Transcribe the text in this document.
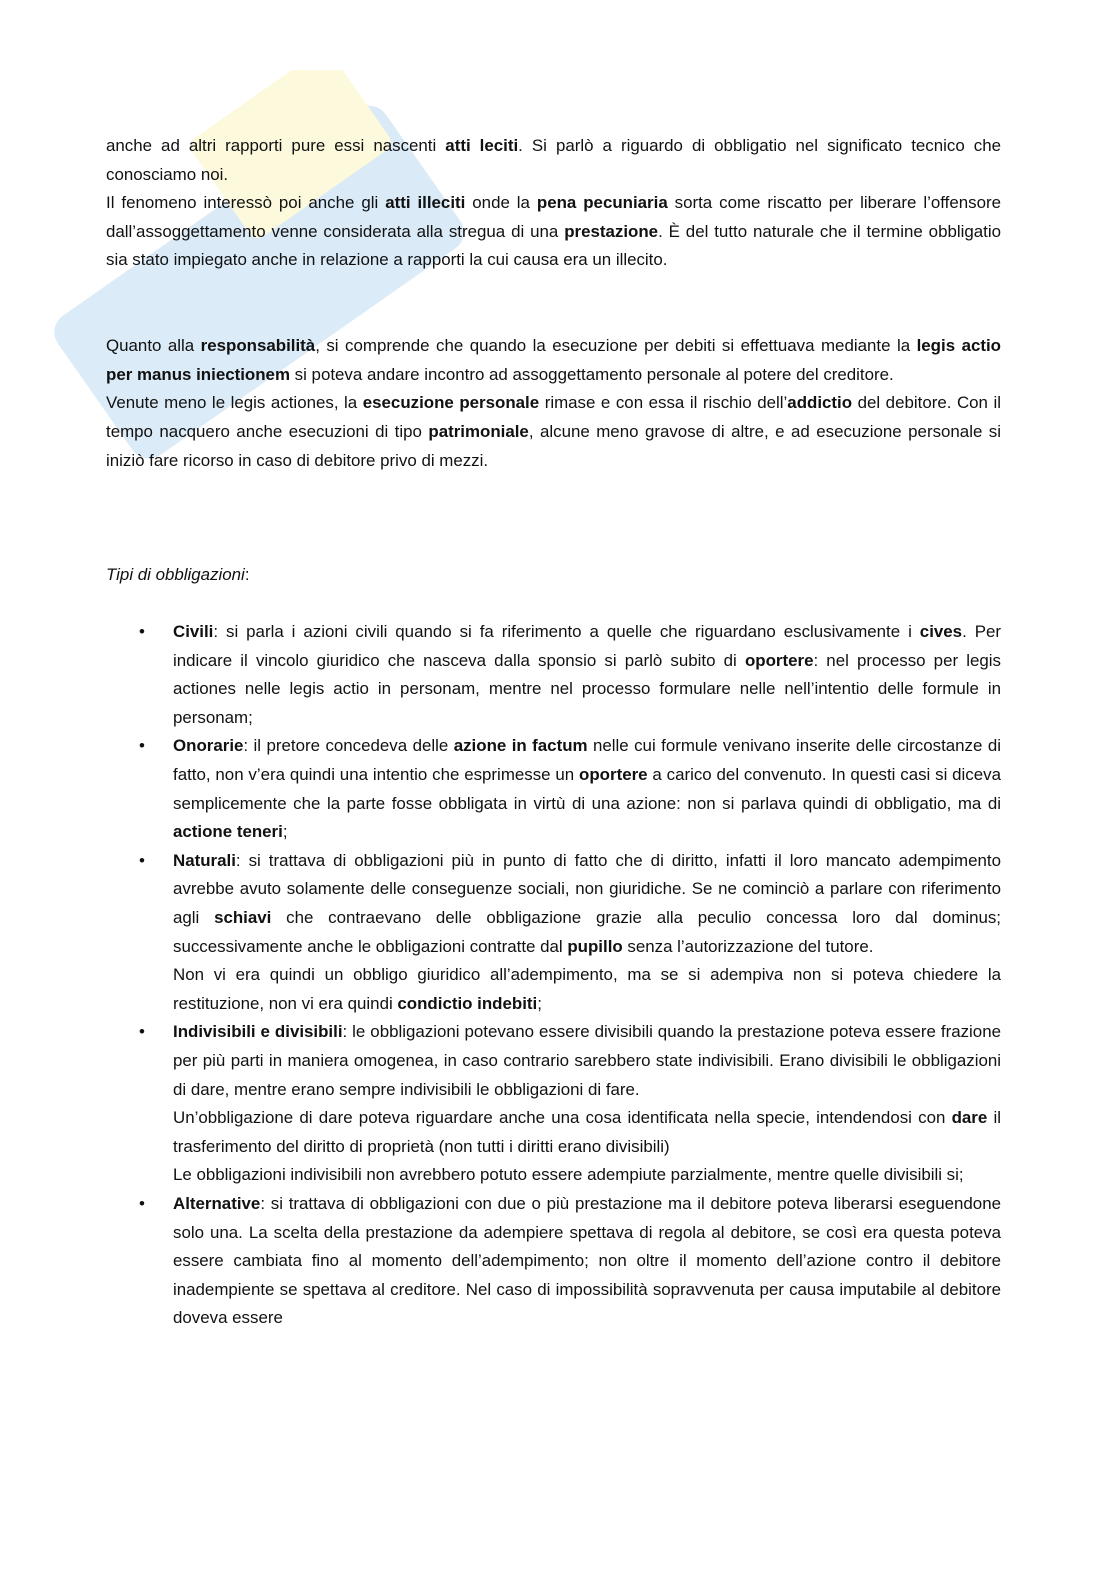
anche ad altri rapporti pure essi nascenti atti leciti. Si parlò a riguardo di obbligatio nel significato tecnico che conosciamo noi.

Il fenomeno interessò poi anche gli atti illeciti onde la pena pecuniaria sorta come riscatto per liberare l’offensore dall’assoggettamento venne considerata alla stregua di una prestazione. È del tutto naturale che il termine obbligatio sia stato impiegato anche in relazione a rapporti la cui causa era un illecito.

Quanto alla responsabilità, si comprende che quando la esecuzione per debiti si effettuava mediante la legis actio per manus iniectionem si poteva andare incontro ad assoggettamento personale al potere del creditore.

Venute meno le legis actiones, la esecuzione personale rimase e con essa il rischio dell’addictio del debitore. Con il tempo nacquero anche esecuzioni di tipo patrimoniale, alcune meno gravose di altre, e ad esecuzione personale si iniziò fare ricorso in caso di debitore privo di mezzi.

Tipi di obbligazioni:

• Civili: si parla i azioni civili quando si fa riferimento a quelle che riguardano esclusivamente i cives. Per indicare il vincolo giuridico che nasceva dalla sponsio si parlò subito di oportere: nel processo per legis actiones nelle legis actio in personam, mentre nel processo formulare nelle nell’intentio delle formule in personam;

• Onorarie: il pretore concedeva delle azione in factum nelle cui formule venivano inserite delle circostanze di fatto, non v’era quindi una intentio che esprimesse un oportere a carico del convenuto. In questi casi si diceva semplicemente che la parte fosse obbligata in virtù di una azione: non si parlava quindi di obbligatio, ma di actione teneri;

• Naturali: si trattava di obbligazioni più in punto di fatto che di diritto, infatti il loro mancato adempimento avrebbe avuto solamente delle conseguenze sociali, non giuridiche. Se ne cominciò a parlare con riferimento agli schiavi che contraevano delle obbligazione grazie alla peculio concessa loro dal dominus; successivamente anche le obbligazioni contratte dal pupillo senza l’autorizzazione del tutore.

Non vi era quindi un obbligo giuridico all’adempimento, ma se si adempiva non si poteva chiedere la restituzione, non vi era quindi condictio indebiti;

• Indivisibili e divisibili: le obbligazioni potevano essere divisibili quando la prestazione poteva essere frazione per più parti in maniera omogenea, in caso contrario sarebbero state indivisibili. Erano divisibili le obbligazioni di dare, mentre erano sempre indivisibili le obbligazioni di fare.

Un’obbligazione di dare poteva riguardare anche una cosa identificata nella specie, intendendosi con dare il trasferimento del diritto di proprietà (non tutti i diritti erano divisibili)

Le obbligazioni indivisibili non avrebbero potuto essere adempiute parzialmente, mentre quelle divisibili si;

• Alternative: si trattava di obbligazioni con due o più prestazione ma il debitore poteva liberarsi eseguendone solo una. La scelta della prestazione da adempiere spettava di regola al debitore, se così era questa poteva essere cambiata fino al momento dell’adempimento; non oltre il momento dell’azione contro il debitore inadempiente se spettava al creditore. Nel caso di impossibilità sopravvenuta per causa imputabile al debitore doveva essere
